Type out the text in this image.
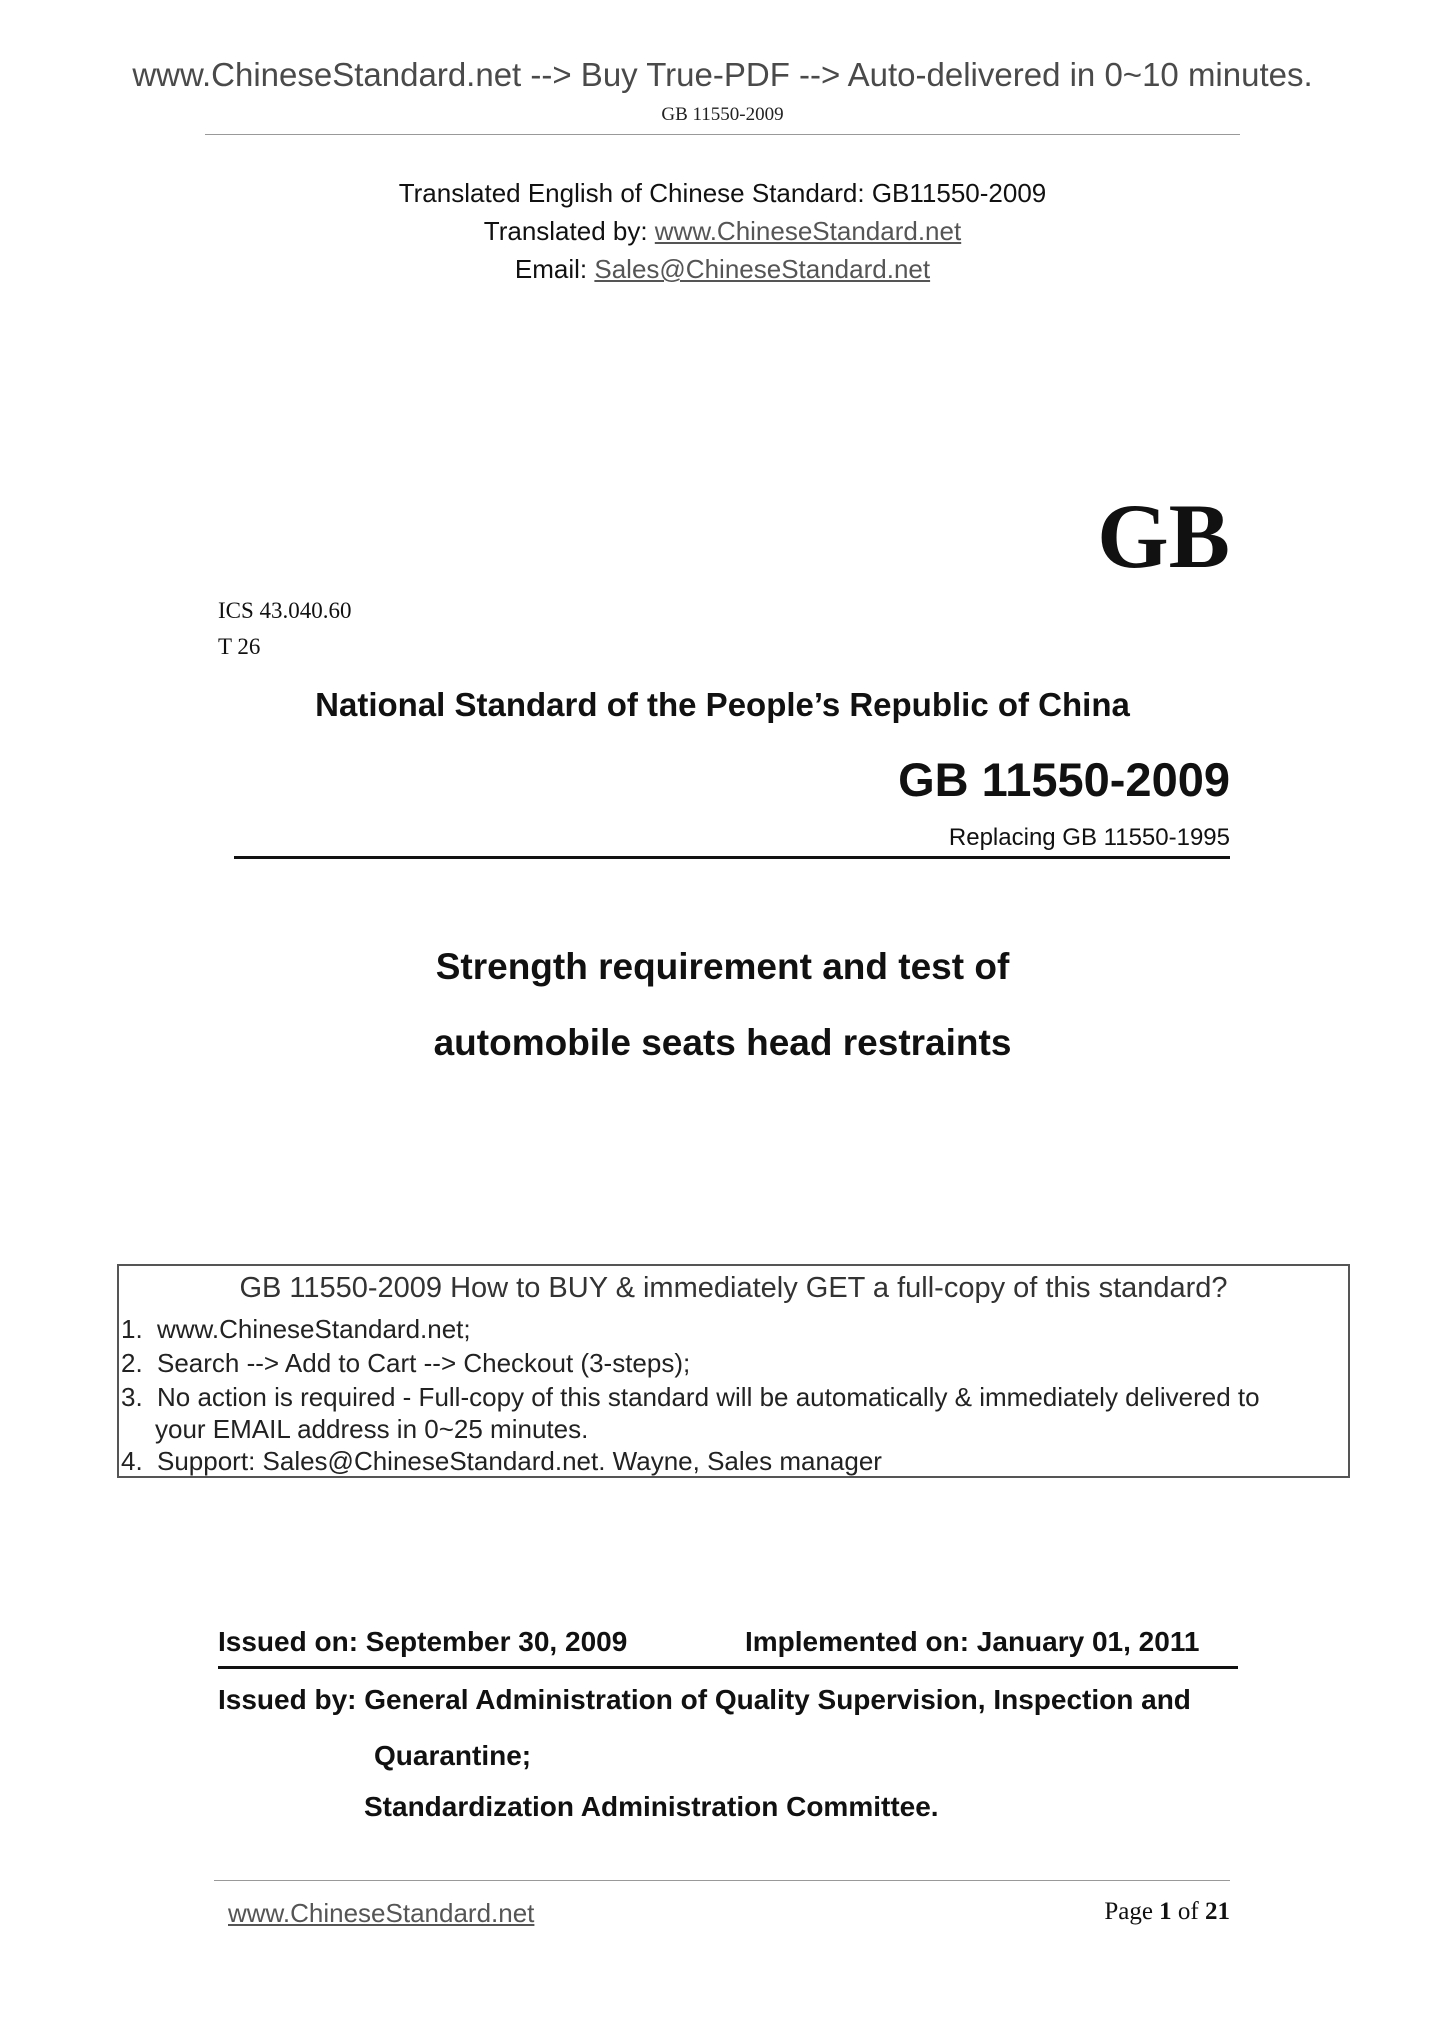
www.ChineseStandard.net --> Buy True-PDF --> Auto-delivered in 0~10 minutes.
GB 11550-2009
Translated English of Chinese Standard: GB11550-2009
Translated by: www.ChineseStandard.net
Email: Sales@ChineseStandard.net
GB
ICS 43.040.60
T 26
National Standard of the People’s Republic of China
GB 11550-2009
Replacing GB 11550-1995
Strength requirement and test of
automobile seats head restraints
GB 11550-2009 How to BUY & immediately GET a full-copy of this standard?
1. www.ChineseStandard.net;
2. Search --> Add to Cart --> Checkout (3-steps);
3. No action is required - Full-copy of this standard will be automatically & immediately delivered to
your EMAIL address in 0~25 minutes.
4. Support: Sales@ChineseStandard.net. Wayne, Sales manager
Issued on: September 30, 2009	Implemented on: January 01, 2011
Issued by: General Administration of Quality Supervision, Inspection and
Quarantine;
Standardization Administration Committee.
www.ChineseStandard.net	Page 1 of 21
